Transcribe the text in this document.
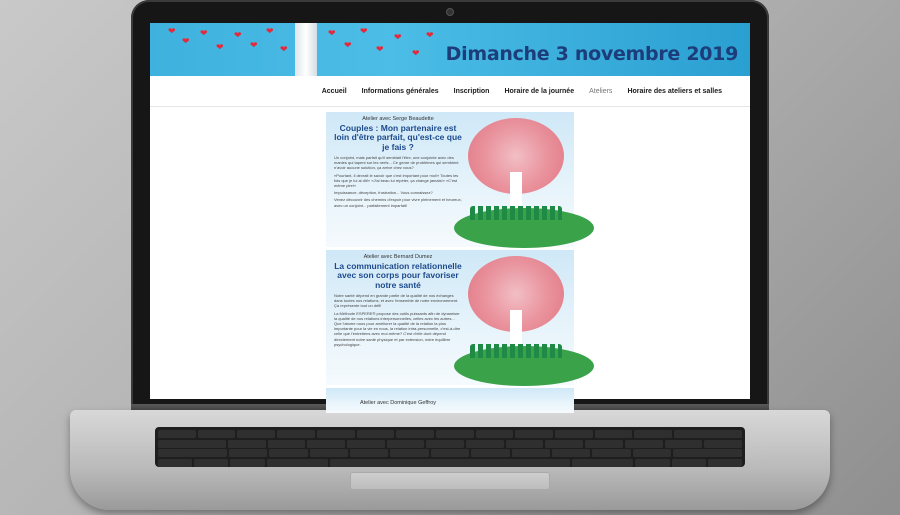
❤
❤
❤
❤
❤
❤
❤
❤
❤
❤
❤
❤
❤
❤
❤
Dimanche 3 novembre 2019
Accueil Informations générales Inscription Horaire de la journée Ateliers Horaire des ateliers et salles
Atelier avec Serge Beaudette
Couples : Mon partenaire est loin d'être parfait, qu'est-ce que je fais ?

Un conjoint, mais parfait qu'il semblait l'être, une conjointe avec des manies qui tapent sur les nerfs... Ce genre de problèmes qui semblent n'avoir aucune solution, ça arrive chez vous?

«Pourtant, il devrait le savoir que c'est important pour moi!» Toutes les fois que je lui ai dit!» «J'ai beau lui répéter, ça change jamais!» «C'est même pire!»

Impuissance, déception, frustration... Vous connaissez?

Venez découvrir des chemins d'espoir pour vivre pleinement et heureux, avec un conjoint... parfaitement imparfait!

Atelier avec Bernard Dumez
La communication relationnelle avec son corps pour favoriser notre santé

Notre santé dépend en grande partie de la qualité de nos échanges dans toutes nos relations, et avec l'ensemble de notre environnement. Ça représente tout un défi!

La Méthode ESPERE® propose des outils puissants afin de dynamiser la qualité de nos relations interpersonnelles, celles avec les autres... Que l'atome nous pour améliorer la qualité de la relation la plus importante pour la vie en nous, la relation intra-personnelle, c'est-à-dire celle que l'entretiens avec moi-même? C'est d'elle dont dépend directement notre santé physique et par extension, notre équilibre psychologique.

Atelier avec Dominique Geffroy
